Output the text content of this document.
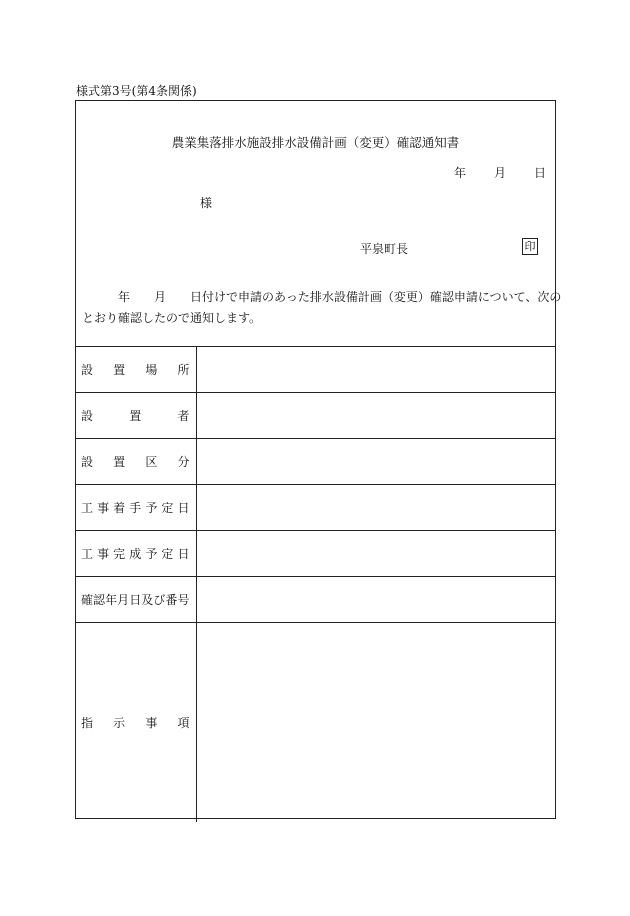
様式第3号(第4条関係)
農業集落排水施設排水設備計画（変更）確認通知書
年 月 日
様
平泉町長	印
　　　年　　月　　日付けで申請のあった排水設備計画（変更）確認申請について、次の
とおり確認したので通知します。
設置場所	
設置者	
設置区分	
工事着手予定日	
工事完成予定日	
確認年月日及び番号	
指示事項	
